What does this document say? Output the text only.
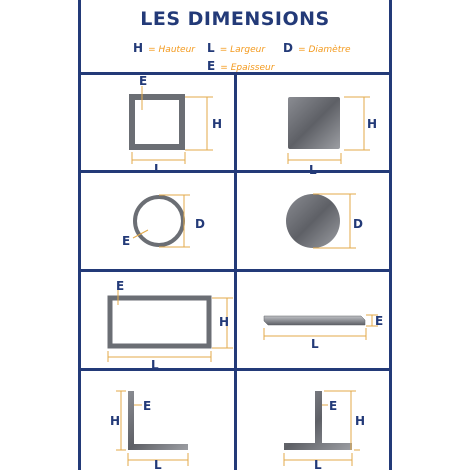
LES DIMENSIONS
H = Hauteur L = Largeur D = Diamètre
E = Epaisseur
E
H
L
H
L
D
E
D
E
H
L
E
L
H
E
L
E
H
L
